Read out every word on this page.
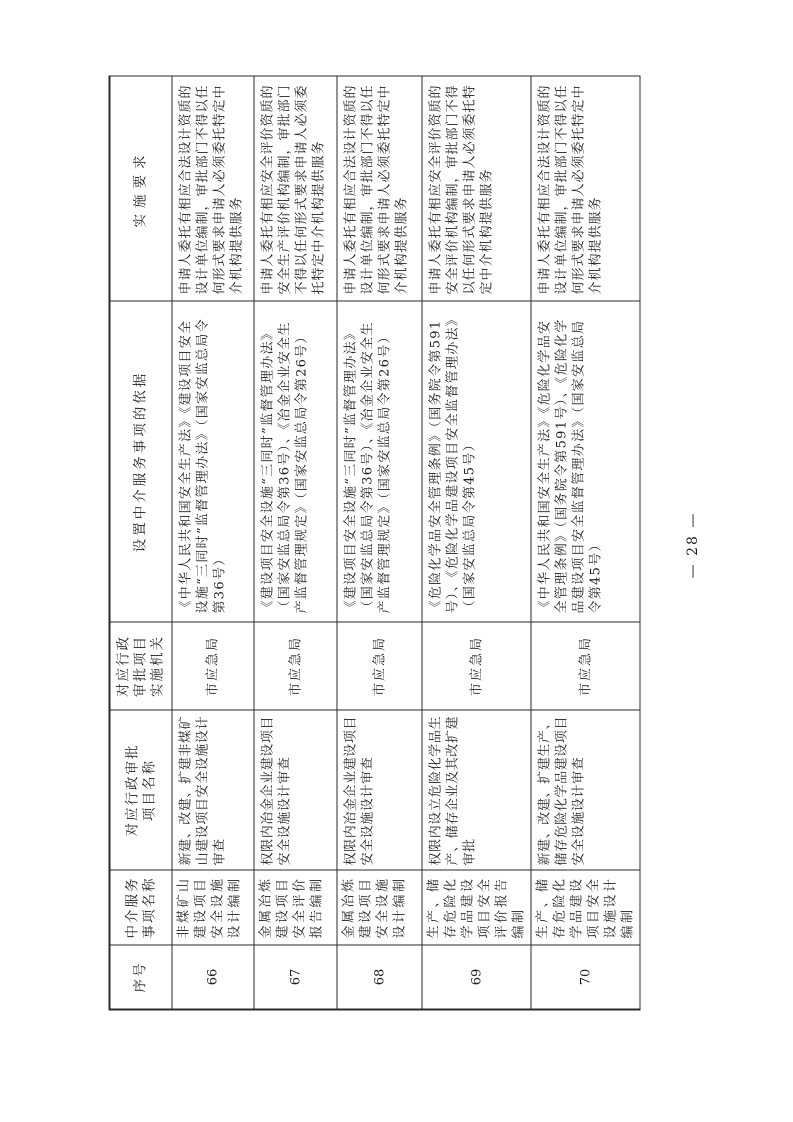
序号
中介服务事项名称
对应行政审批项目名称
对应行政审批项目实施机关
设置中介服务事项的依据
实施要求
66
非煤矿山建设项目安全设施设计编制
新建、改建、扩建非煤矿山建设项目安全设施设计审查
市应急局
《中华人民共和国安全生产法》《建设项目安全设施“三同时”监督管理办法》（国家安监总局令第36号）
申请人委托有相应合法设计资质的设计单位编制，审批部门不得以任何形式要求申请人必须委托特定中介机构提供服务
67
金属冶炼建设项目安全评价报告编制
权限内冶金企业建设项目安全设施设计审查
市应急局
《建设项目安全设施“三同时”监督管理办法》（国家安监总局令第36号）、《冶金企业安全生产监督管理规定》（国家安监总局令第26号）
申请人委托有相应安全评价资质的安全生产评价机构编制，审批部门不得以任何形式要求申请人必须委托特定中介机构提供服务
68
金属冶炼建设项目安全设施设计编制
权限内冶金企业建设项目安全设施设计审查
市应急局
《建设项目安全设施“三同时”监督管理办法》（国家安监总局令第36号）、《冶金企业安全生产监督管理规定》（国家安监总局令第26号）
申请人委托有相应合法设计资质的设计单位编制，审批部门不得以任何形式要求申请人必须委托特定中介机构提供服务
69
生产、储存危险化学品建设项目安全评价报告编制
权限内设立危险化学品生产、储存企业及其改扩建审批
市应急局
《危险化学品安全管理条例》（国务院令第591号）、《危险化学品建设项目安全监督管理办法》（国家安监总局令第45号）
申请人委托有相应安全评价资质的安全评价机构编制，审批部门不得以任何形式要求申请人必须委托特定中介机构提供服务
70
生产、储存危险化学品建设项目安全设施设计编制
新建、改建、扩建生产、储存危险化学品建设项目安全设施设计审查
市应急局
《中华人民共和国安全生产法》《危险化学品安全管理条例》（国务院令第591号）、《危险化学品建设项目安全监督管理办法》（国家安监总局令第45号）
申请人委托有相应合法设计资质的设计单位编制，审批部门不得以任何形式要求申请人必须委托特定中介机构提供服务
— 28 —
